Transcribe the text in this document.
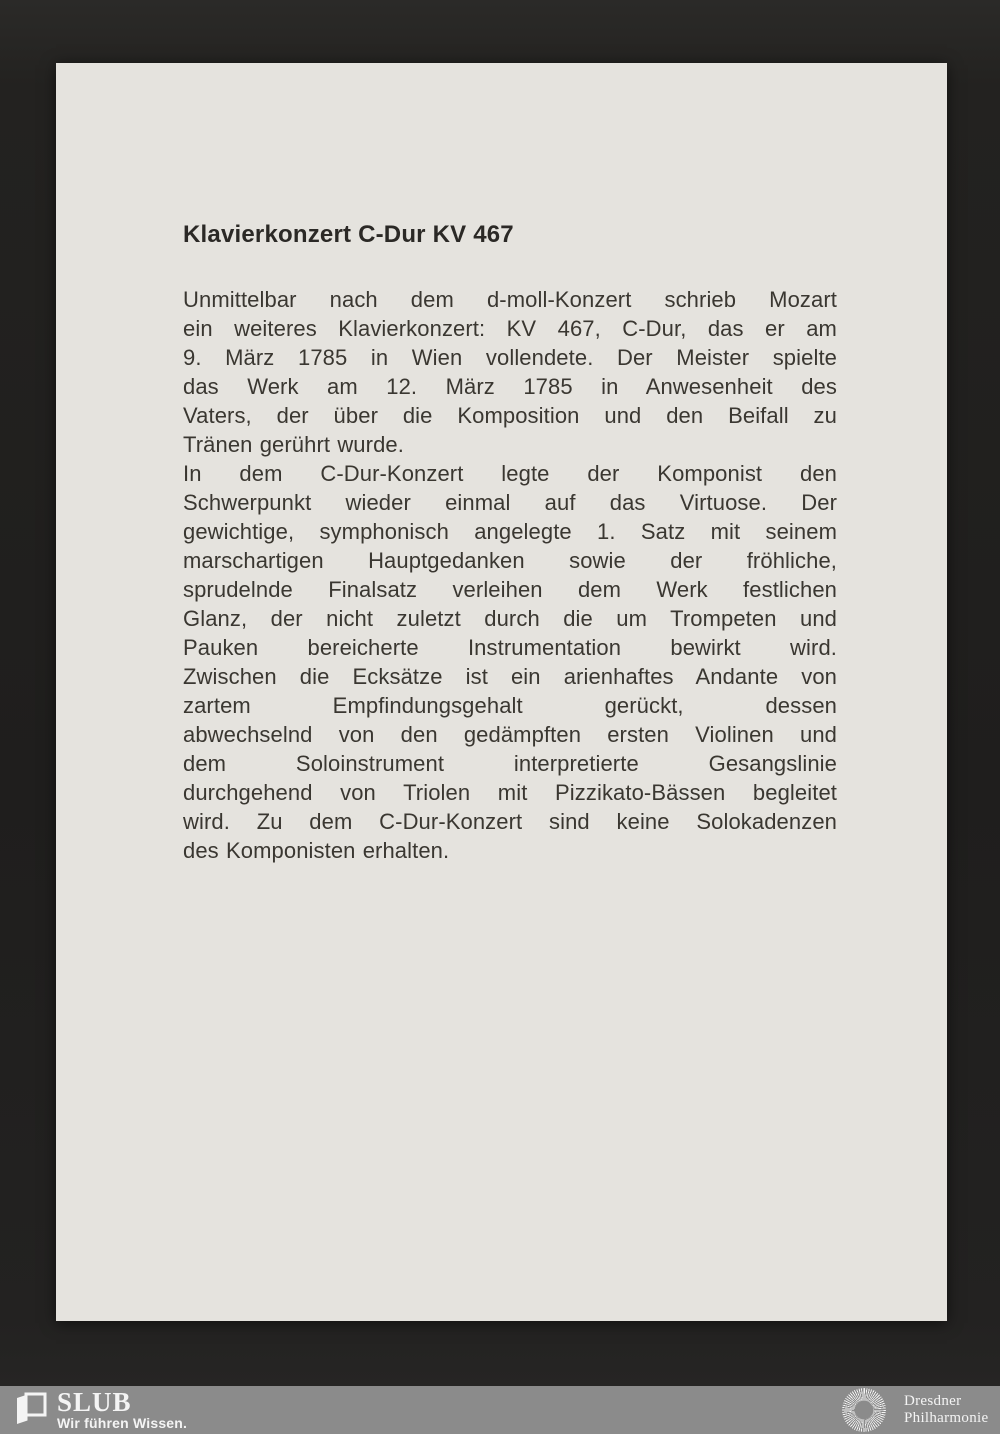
Klavierkonzert C-Dur KV 467
Unmittelbar nach dem d-moll-Konzert schrieb Mozart
ein weiteres Klavierkonzert: KV 467, C-Dur, das er am
9. März 1785 in Wien vollendete. Der Meister spielte
das Werk am 12. März 1785 in Anwesenheit des
Vaters, der über die Komposition und den Beifall zu
Tränen gerührt wurde.
In dem C-Dur-Konzert legte der Komponist den
Schwerpunkt wieder einmal auf das Virtuose. Der
gewichtige, symphonisch angelegte 1. Satz mit seinem
marschartigen Hauptgedanken sowie der fröhliche,
sprudelnde Finalsatz verleihen dem Werk festlichen
Glanz, der nicht zuletzt durch die um Trompeten und
Pauken bereicherte Instrumentation bewirkt wird.
Zwischen die Ecksätze ist ein arienhaftes Andante von
zartem Empfindungsgehalt gerückt, dessen
abwechselnd von den gedämpften ersten Violinen und
dem Soloinstrument interpretierte Gesangslinie
durchgehend von Triolen mit Pizzikato-Bässen begleitet
wird. Zu dem C-Dur-Konzert sind keine Solokadenzen
des Komponisten erhalten.
SLUB
Wir führen Wissen.
Dresdner
Philharmonie
